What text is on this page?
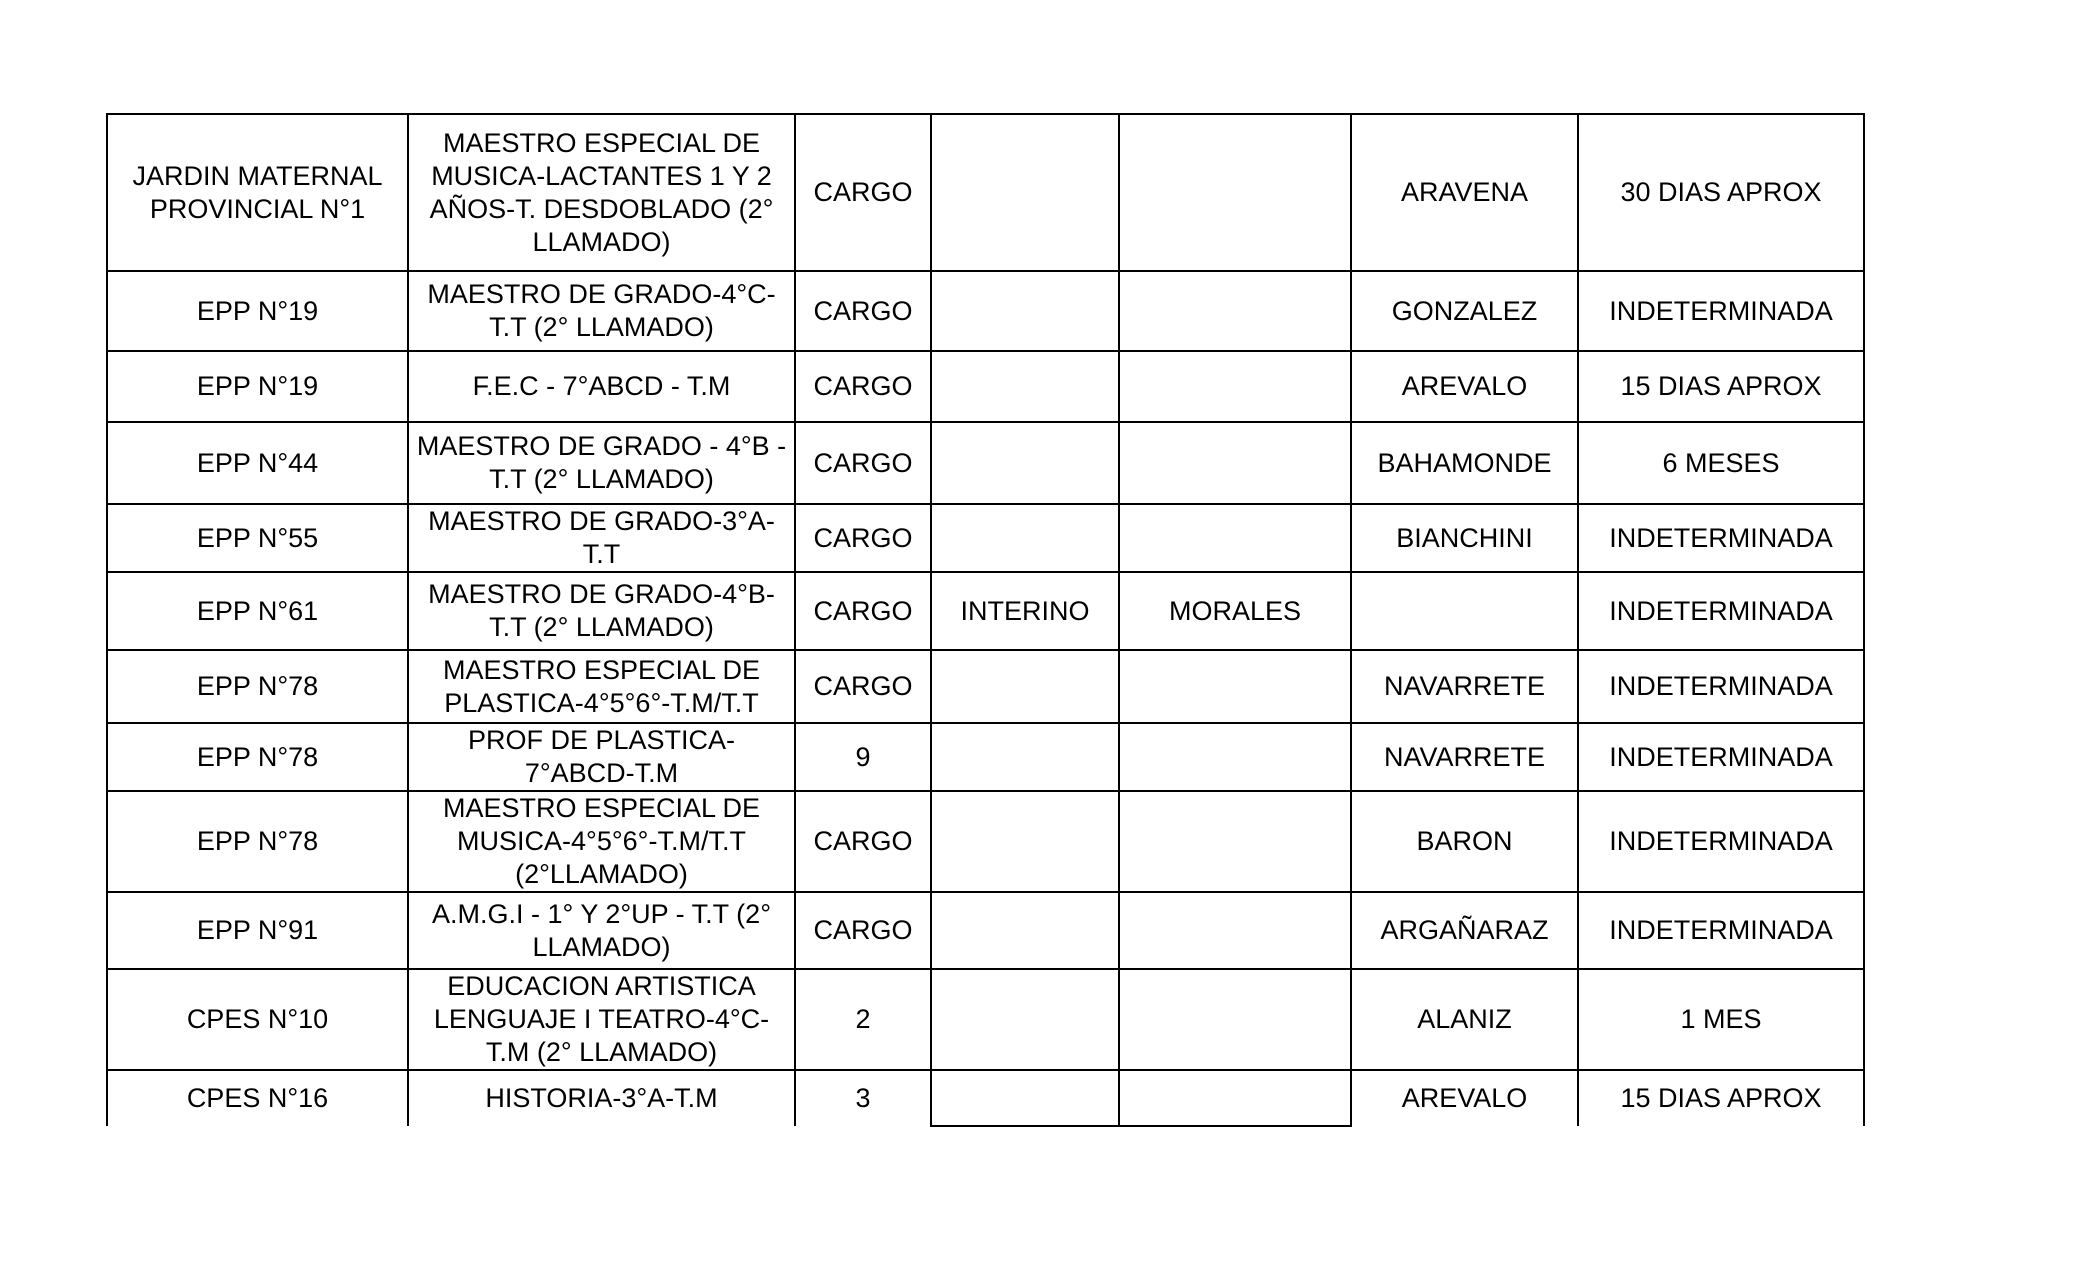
JARDIN MATERNAL PROVINCIAL N°1	MAESTRO ESPECIAL DE MUSICA-LACTANTES 1 Y 2 AÑOS-T. DESDOBLADO (2° LLAMADO)	CARGO			ARAVENA	30 DIAS APROX
EPP N°19	MAESTRO DE GRADO-4°C-T.T (2° LLAMADO)	CARGO			GONZALEZ	INDETERMINADA
EPP N°19	F.E.C - 7°ABCD - T.M	CARGO			AREVALO	15 DIAS APROX
EPP N°44	MAESTRO DE GRADO - 4°B - T.T (2° LLAMADO)	CARGO			BAHAMONDE	6 MESES
EPP N°55	MAESTRO DE GRADO-3°A-T.T	CARGO			BIANCHINI	INDETERMINADA
EPP N°61	MAESTRO DE GRADO-4°B-T.T (2° LLAMADO)	CARGO	INTERINO	MORALES		INDETERMINADA
EPP N°78	MAESTRO ESPECIAL DE PLASTICA-4°5°6°-T.M/T.T	CARGO			NAVARRETE	INDETERMINADA
EPP N°78	PROF DE PLASTICA-7°ABCD-T.M	9			NAVARRETE	INDETERMINADA
EPP N°78	MAESTRO ESPECIAL DE MUSICA-4°5°6°-T.M/T.T (2°LLAMADO)	CARGO			BARON	INDETERMINADA
EPP N°91	A.M.G.I - 1° Y 2°UP - T.T (2° LLAMADO)	CARGO			ARGAÑARAZ	INDETERMINADA
CPES N°10	EDUCACION ARTISTICA LENGUAJE I TEATRO-4°C-T.M (2° LLAMADO)	2			ALANIZ	1 MES
CPES N°16	HISTORIA-3°A-T.M	3			AREVALO	15 DIAS APROX
